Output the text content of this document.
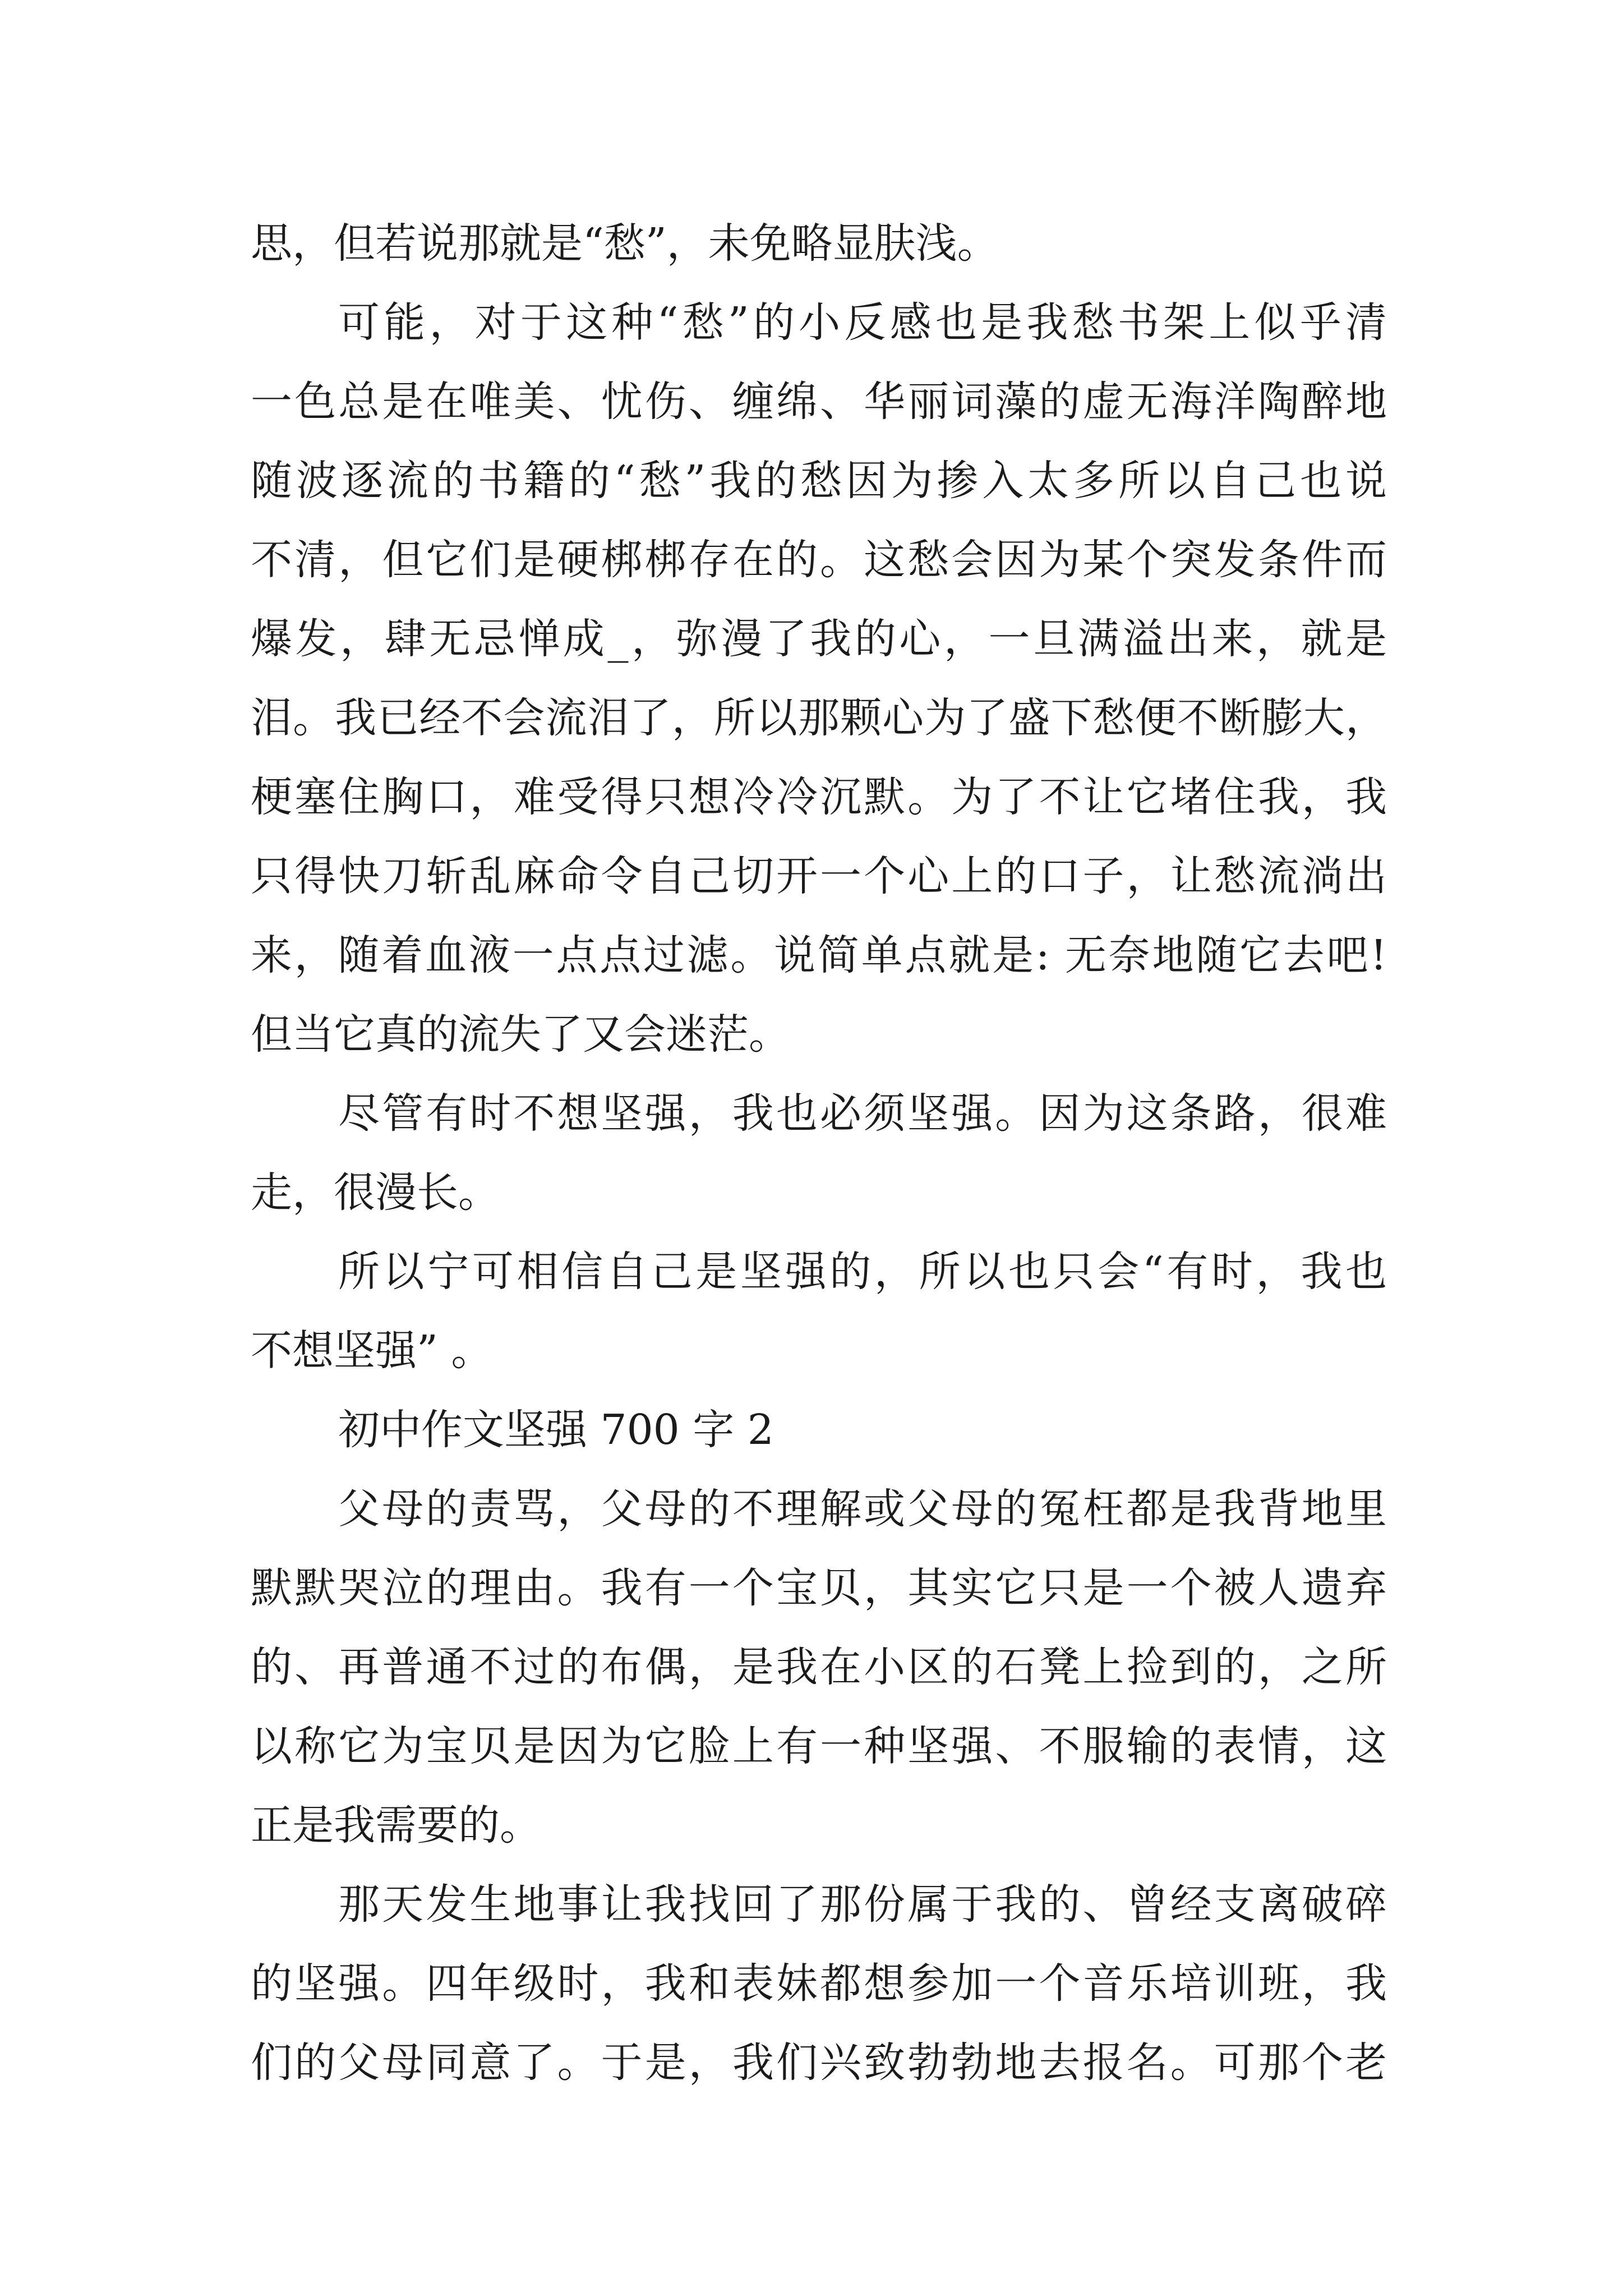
思，但若说那就是“愁”，未免略显肤浅。
可能，对于这种“愁”的小反感也是我愁书架上似乎清
一色总是在唯美、忧伤、缠绵、华丽词藻的虚无海洋陶醉地
随波逐流的书籍的“愁”我的愁因为掺入太多所以自己也说
不清，但它们是硬梆梆存在的。这愁会因为某个突发条件而
爆发，肆无忌惮成_，弥漫了我的心，一旦满溢出来，就是
泪。我已经不会流泪了，所以那颗心为了盛下愁便不断膨大，
梗塞住胸口，难受得只想冷冷沉默。为了不让它堵住我，我
只得快刀斩乱麻命令自己切开一个心上的口子，让愁流淌出
来，随着血液一点点过滤。说简单点就是: 无奈地随它去吧!
但当它真的流失了又会迷茫。
尽管有时不想坚强，我也必须坚强。因为这条路，很难
走，很漫长。
所以宁可相信自己是坚强的，所以也只会“有时，我也
不想坚强” 。
初中作文坚强 700 字 2
父母的责骂，父母的不理解或父母的冤枉都是我背地里
默默哭泣的理由。我有一个宝贝，其实它只是一个被人遗弃
的、再普通不过的布偶，是我在小区的石凳上捡到的，之所
以称它为宝贝是因为它脸上有一种坚强、不服输的表情，这
正是我需要的。
那天发生地事让我找回了那份属于我的、曾经支离破碎
的坚强。四年级时，我和表妹都想参加一个音乐培训班，我
们的父母同意了。于是，我们兴致勃勃地去报名。可那个老
